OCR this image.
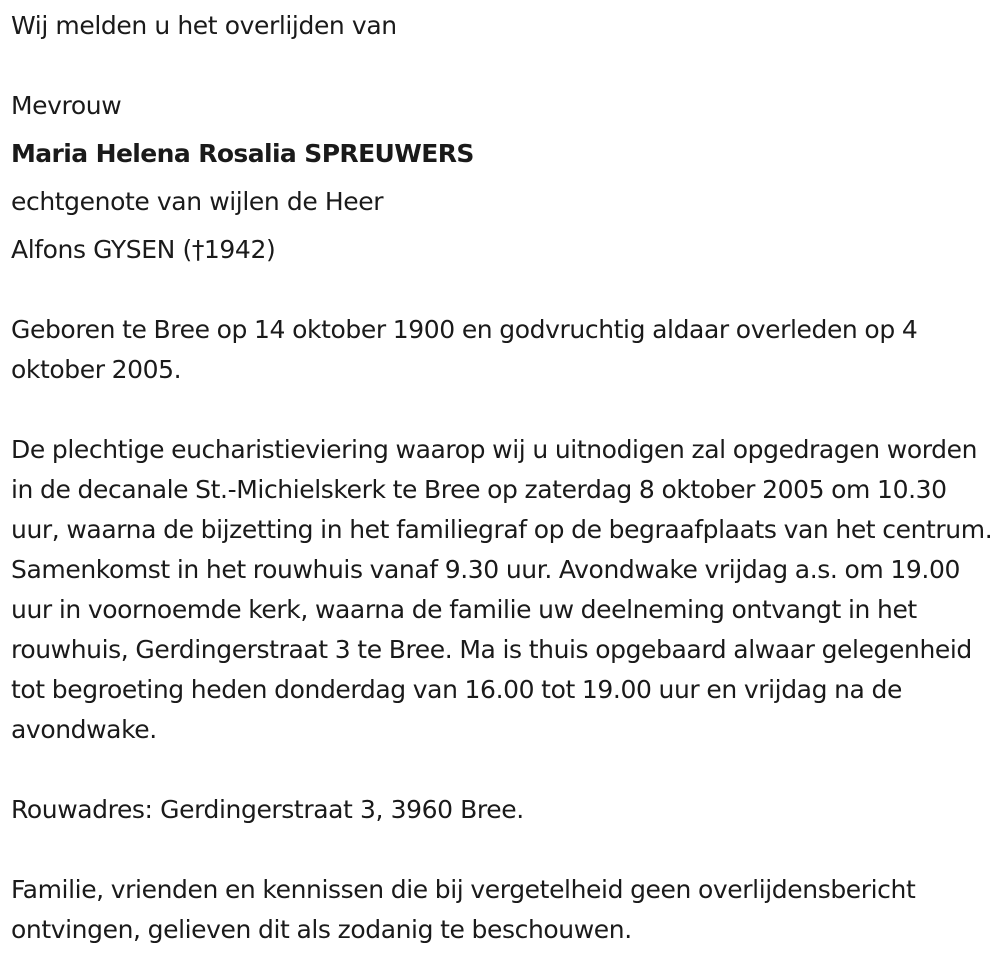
Wij melden u het overlijden van

Mevrouw

Maria Helena Rosalia SPREUWERS

echtgenote van wijlen de Heer

Alfons GYSEN (†1942)

Geboren te Bree op 14 oktober 1900 en godvruchtig aldaar overleden op 4 oktober 2005.

De plechtige eucharistieviering waarop wij u uitnodigen zal opgedragen worden in de decanale St.-Michielskerk te Bree op zaterdag 8 oktober 2005 om 10.30 uur, waarna de bijzetting in het familiegraf op de begraafplaats van het centrum. Samenkomst in het rouwhuis vanaf 9.30 uur. Avondwake vrijdag a.s. om 19.00 uur in voornoemde kerk, waarna de familie uw deelneming ontvangt in het rouwhuis, Gerdingerstraat 3 te Bree. Ma is thuis opgebaard alwaar gelegenheid tot begroeting heden donderdag van 16.00 tot 19.00 uur en vrijdag na de avondwake.

Rouwadres: Gerdingerstraat 3, 3960 Bree.

Familie, vrienden en kennissen die bij vergetelheid geen overlijdensbericht ontvingen, gelieven dit als zodanig te beschouwen.
